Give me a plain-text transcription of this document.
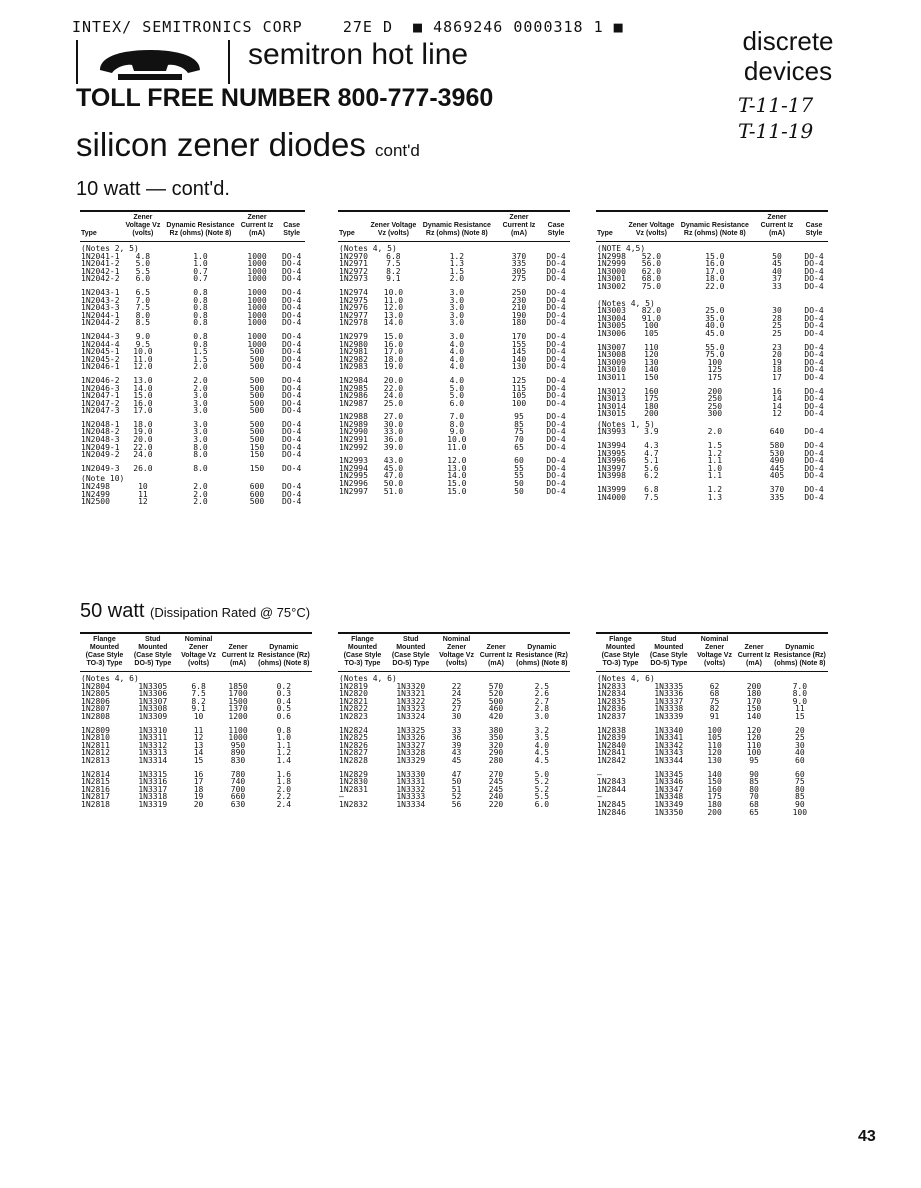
INTEX/ SEMITRONICS CORP    27E D  ■ 4869246 0000318 1 ■
semitron hot line
TOLL FREE NUMBER 800-777-3960
discrete
devices
T-11-17
T-11-19
silicon zener diodes cont'd
10 watt — cont'd.
Type	Zener Voltage Vz (volts)	Dynamic Resistance Rz (ohms) (Note 8)	Zener Current Iz (mA)	Case Style
(Notes 2, 5)				
1N2041-1	4.8	1.0	1000	DO-4
1N2041-2	5.0	1.0	1000	DO-4
1N2042-1	5.5	0.7	1000	DO-4
1N2042-2	6.0	0.7	1000	DO-4

1N2043-1	6.5	0.8	1000	DO-4
1N2043-2	7.0	0.8	1000	DO-4
1N2043-3	7.5	0.8	1000	DO-4
1N2044-1	8.0	0.8	1000	DO-4
1N2044-2	8.5	0.8	1000	DO-4

1N2044-3	9.0	0.8	1000	DO-4
1N2044-4	9.5	0.8	1000	DO-4
1N2045-1	10.0	1.5	500	DO-4
1N2045-2	11.0	1.5	500	DO-4
1N2046-1	12.0	2.0	500	DO-4

1N2046-2	13.0	2.0	500	DO-4
1N2046-3	14.0	2.0	500	DO-4
1N2047-1	15.0	3.0	500	DO-4
1N2047-2	16.0	3.0	500	DO-4
1N2047-3	17.0	3.0	500	DO-4

1N2048-1	18.0	3.0	500	DO-4
1N2048-2	19.0	3.0	500	DO-4
1N2048-3	20.0	3.0	500	DO-4
1N2049-1	22.0	8.0	150	DO-4
1N2049-2	24.0	8.0	150	DO-4

1N2049-3	26.0	8.0	150	DO-4
(Note 10)				
1N2498	10	2.0	600	DO-4
1N2499	11	2.0	600	DO-4
1N2500	12	2.0	500	DO-4
Type	Zener Voltage Vz (volts)	Dynamic Resistance Rz (ohms) (Note 8)	Zener Current Iz (mA)	Case Style
(Notes 4, 5)				
1N2970	6.8	1.2	370	DO-4
1N2971	7.5	1.3	335	DO-4
1N2972	8.2	1.5	305	DO-4
1N2973	9.1	2.0	275	DO-4

1N2974	10.0	3.0	250	DO-4
1N2975	11.0	3.0	230	DO-4
1N2976	12.0	3.0	210	DO-4
1N2977	13.0	3.0	190	DO-4
1N2978	14.0	3.0	180	DO-4

1N2979	15.0	3.0	170	DO-4
1N2980	16.0	4.0	155	DO-4
1N2981	17.0	4.0	145	DO-4
1N2982	18.0	4.0	140	DO-4
1N2983	19.0	4.0	130	DO-4

1N2984	20.0	4.0	125	DO-4
1N2985	22.0	5.0	115	DO-4
1N2986	24.0	5.0	105	DO-4
1N2987	25.0	6.0	100	DO-4

1N2988	27.0	7.0	95	DO-4
1N2989	30.0	8.0	85	DO-4
1N2990	33.0	9.0	75	DO-4
1N2991	36.0	10.0	70	DO-4
1N2992	39.0	11.0	65	DO-4

1N2993	43.0	12.0	60	DO-4
1N2994	45.0	13.0	55	DO-4
1N2995	47.0	14.0	55	DO-4
1N2996	50.0	15.0	50	DO-4
1N2997	51.0	15.0	50	DO-4
Type	Zener Voltage Vz (volts)	Dynamic Resistance Rz (ohms) (Note 8)	Zener Current Iz (mA)	Case Style
(NOTE 4,5)				
1N2998	52.0	15.0	50	DO-4
1N2999	56.0	16.0	45	DO-4
1N3000	62.0	17.0	40	DO-4
1N3001	68.0	18.0	37	DO-4
1N3002	75.0	22.0	33	DO-4

(Notes 4, 5)				
1N3003	82.0	25.0	30	DO-4
1N3004	91.0	35.0	28	DO-4
1N3005	100	40.0	25	DO-4
1N3006	105	45.0	25	DO-4

1N3007	110	55.0	23	DO-4
1N3008	120	75.0	20	DO-4
1N3009	130	100	19	DO-4
1N3010	140	125	18	DO-4
1N3011	150	175	17	DO-4

1N3012	160	200	16	DO-4
1N3013	175	250	14	DO-4
1N3014	180	250	14	DO-4
1N3015	200	300	12	DO-4
(Notes 1, 5)				
1N3993	3.9	2.0	640	DO-4

1N3994	4.3	1.5	580	DO-4
1N3995	4.7	1.2	530	DO-4
1N3996	5.1	1.1	490	DO-4
1N3997	5.6	1.0	445	DO-4
1N3998	6.2	1.1	405	DO-4

1N3999	6.8	1.2	370	DO-4
1N4000	7.5	1.3	335	DO-4
50 watt (Dissipation Rated @ 75°C)
Flange Mounted (Case Style TO-3) Type	Stud Mounted (Case Style DO-5) Type	Nominal Zener Voltage Vz (volts)	Zener Current Iz (mA)	Dynamic Resistance (Rz) (ohms) (Note 8)
(Notes 4, 6)				
1N2804	1N3305	6.8	1850	0.2
1N2805	1N3306	7.5	1700	0.3
1N2806	1N3307	8.2	1500	0.4
1N2807	1N3308	9.1	1370	0.5
1N2808	1N3309	10	1200	0.6

1N2809	1N3310	11	1100	0.8
1N2810	1N3311	12	1000	1.0
1N2811	1N3312	13	950	1.1
1N2812	1N3313	14	890	1.2
1N2813	1N3314	15	830	1.4

1N2814	1N3315	16	780	1.6
1N2815	1N3316	17	740	1.8
1N2816	1N3317	18	700	2.0
1N2817	1N3318	19	660	2.2
1N2818	1N3319	20	630	2.4
Flange Mounted (Case Style TO-3) Type	Stud Mounted (Case Style DO-5) Type	Nominal Zener Voltage Vz (volts)	Zener Current Iz (mA)	Dynamic Resistance (Rz) (ohms) (Note 8)
(Notes 4, 6)				
1N2819	1N3320	22	570	2.5
1N2820	1N3321	24	520	2.6
1N2821	1N3322	25	500	2.7
1N2822	1N3323	27	460	2.8
1N2823	1N3324	30	420	3.0

1N2824	1N3325	33	380	3.2
1N2825	1N3326	36	350	3.5
1N2826	1N3327	39	320	4.0
1N2827	1N3328	43	290	4.5
1N2828	1N3329	45	280	4.5

1N2829	1N3330	47	270	5.0
1N2830	1N3331	50	245	5.2
1N2831	1N3332	51	245	5.2
—	1N3333	52	240	5.5
1N2832	1N3334	56	220	6.0
Flange Mounted (Case Style TO-3) Type	Stud Mounted (Case Style DO-5) Type	Nominal Zener Voltage Vz (volts)	Zener Current Iz (mA)	Dynamic Resistance (Rz) (ohms) (Note 8)
(Notes 4, 6)				
1N2833	1N3335	62	200	7.0
1N2834	1N3336	68	180	8.0
1N2835	1N3337	75	170	9.0
1N2836	1N3338	82	150	11
1N2837	1N3339	91	140	15

1N2838	1N3340	100	120	20
1N2839	1N3341	105	120	25
1N2840	1N3342	110	110	30
1N2841	1N3343	120	100	40
1N2842	1N3344	130	95	60

—	1N3345	140	90	60
1N2843	1N3346	150	85	75
1N2844	1N3347	160	80	80
—	1N3348	175	70	85
1N2845	1N3349	180	68	90
1N2846	1N3350	200	65	100
43
